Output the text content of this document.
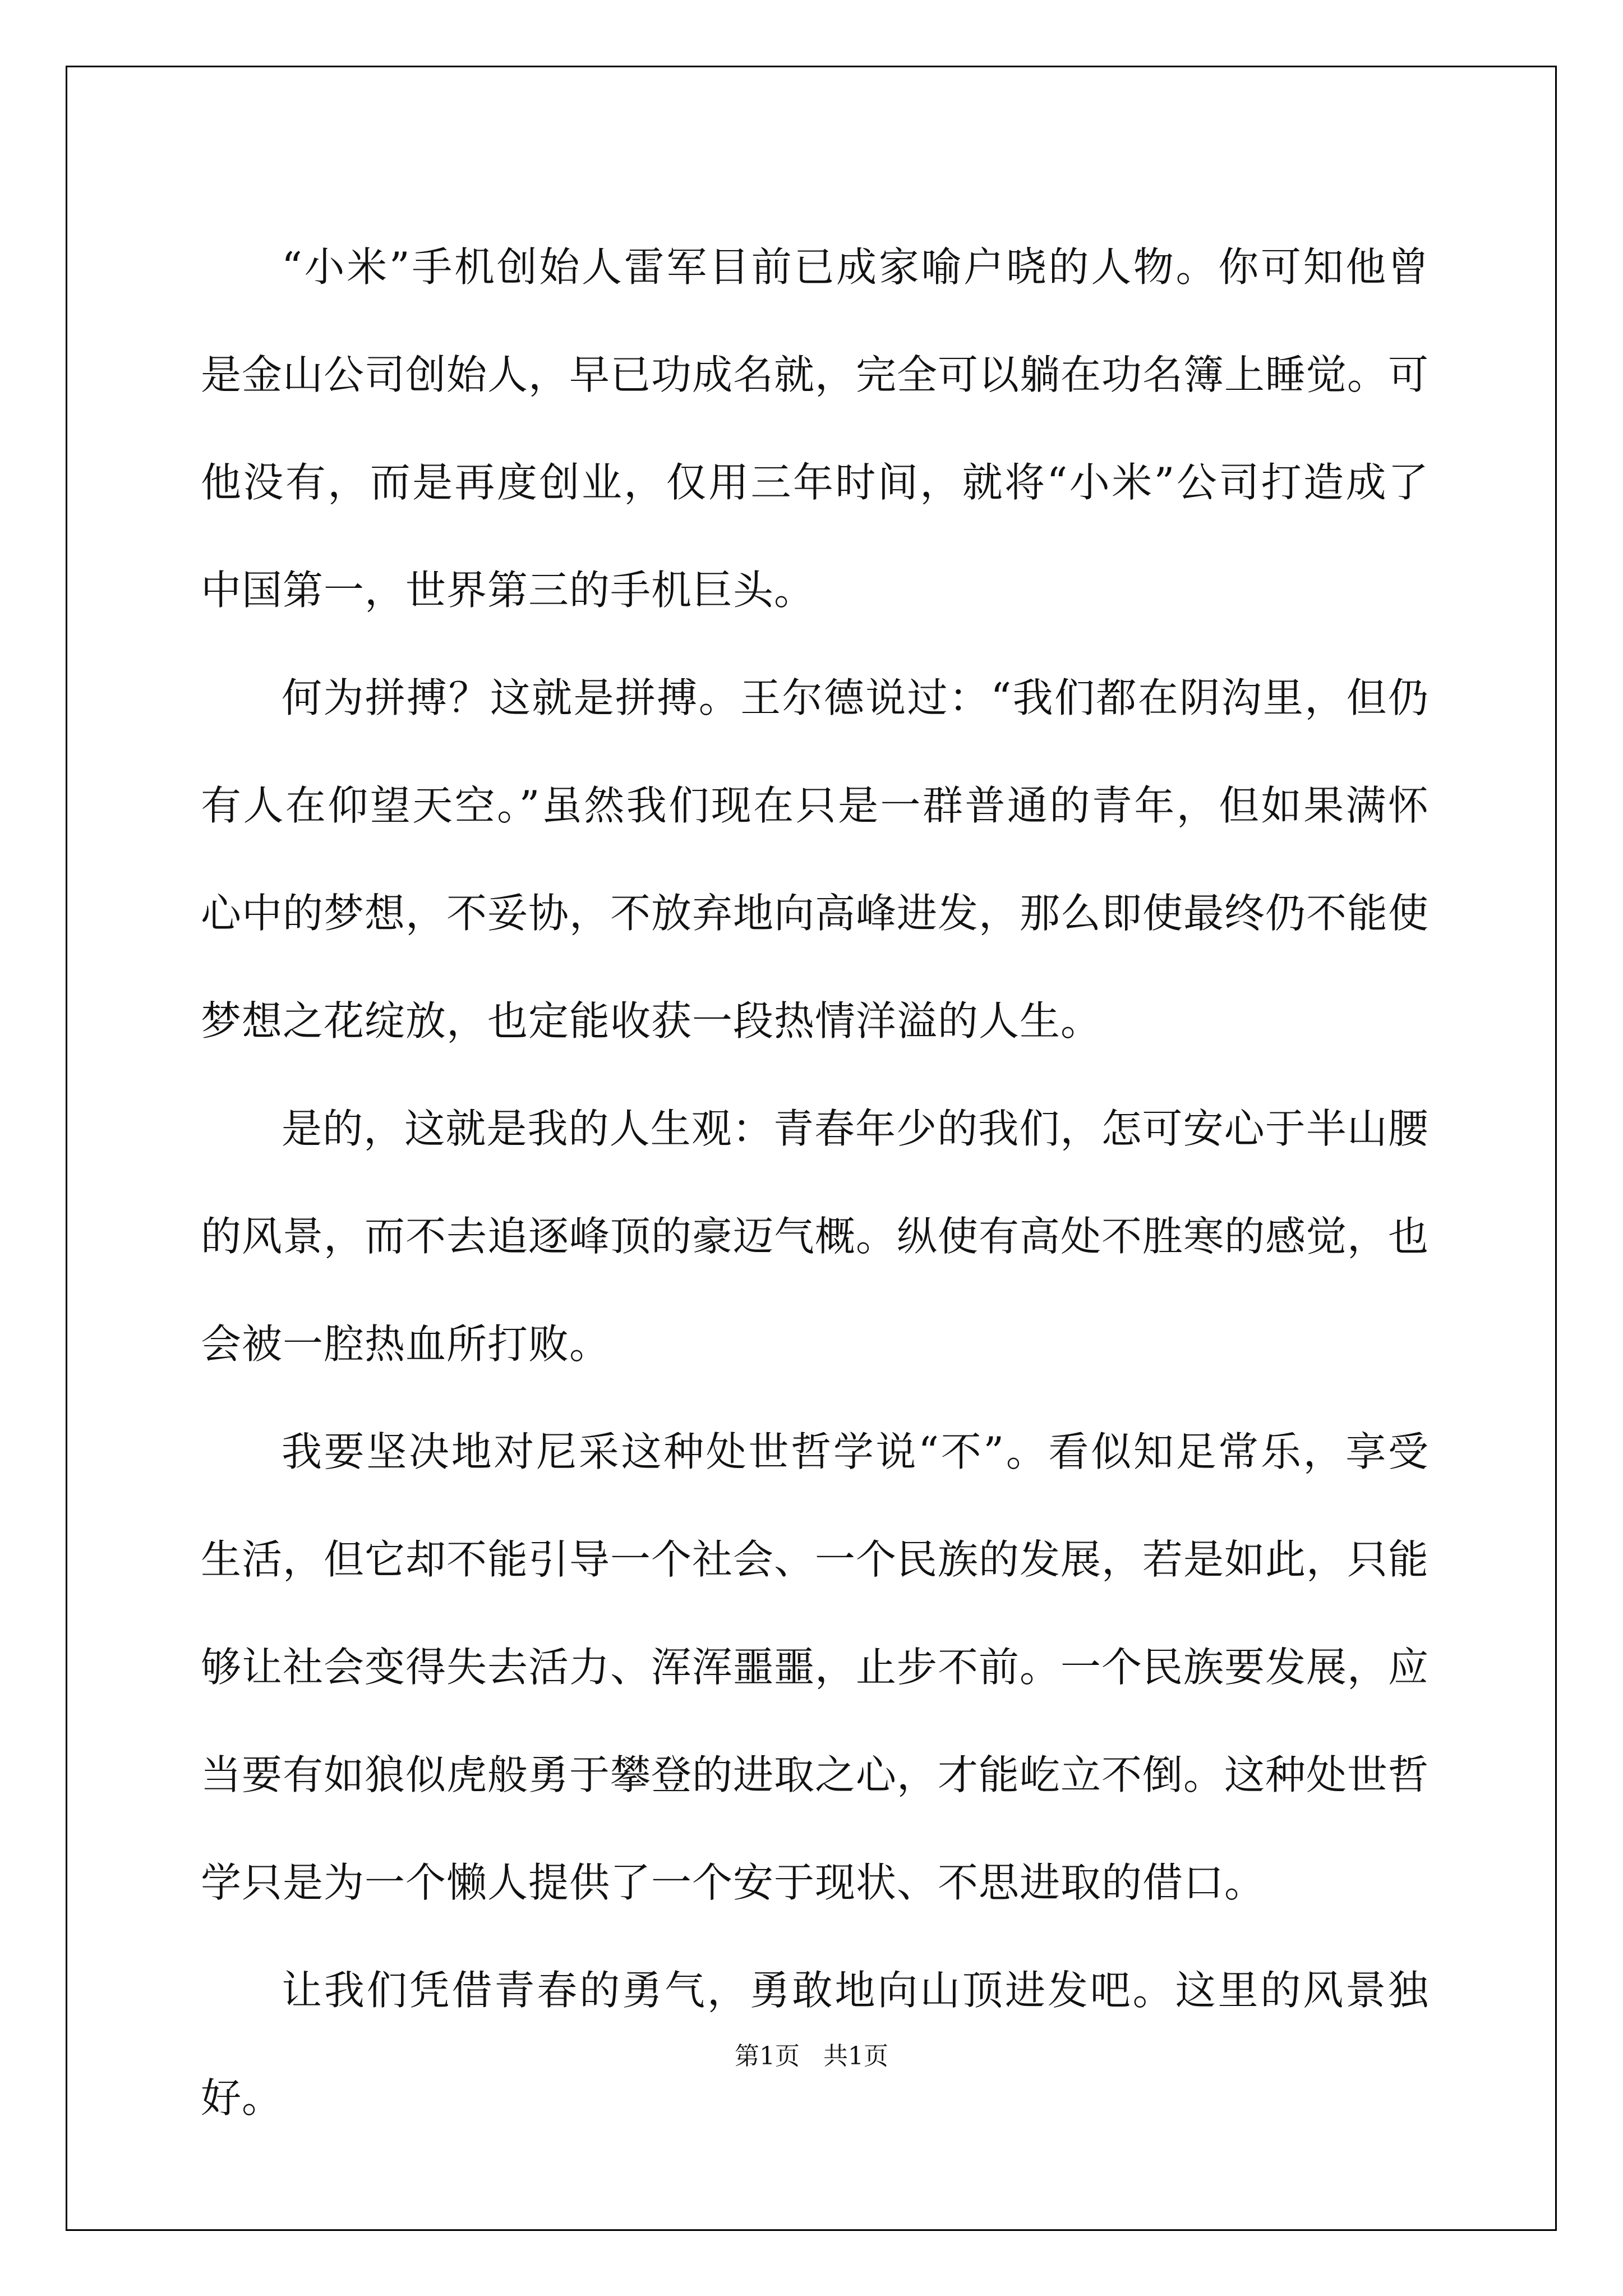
“小米”手机创始人雷军目前已成家喻户晓的人物。你可知他曾是金山公司创始人，早已功成名就，完全可以躺在功名簿上睡觉。可他没有，而是再度创业，仅用三年时间，就将“小米”公司打造成了中国第一，世界第三的手机巨头。

何为拼搏？这就是拼搏。王尔德说过：“我们都在阴沟里，但仍有人在仰望天空。”虽然我们现在只是一群普通的青年，但如果满怀心中的梦想，不妥协，不放弃地向高峰进发，那么即使最终仍不能使梦想之花绽放，也定能收获一段热情洋溢的人生。

是的，这就是我的人生观：青春年少的我们，怎可安心于半山腰的风景，而不去追逐峰顶的豪迈气概。纵使有高处不胜寒的感觉，也会被一腔热血所打败。

我要坚决地对尼采这种处世哲学说“不”。看似知足常乐，享受生活，但它却不能引导一个社会、一个民族的发展，若是如此，只能够让社会变得失去活力、浑浑噩噩，止步不前。一个民族要发展，应当要有如狼似虎般勇于攀登的进取之心，才能屹立不倒。这种处世哲学只是为一个懒人提供了一个安于现状、不思进取的借口。

让我们凭借青春的勇气，勇敢地向山顶进发吧。这里的风景独好。

第1页 共1页
